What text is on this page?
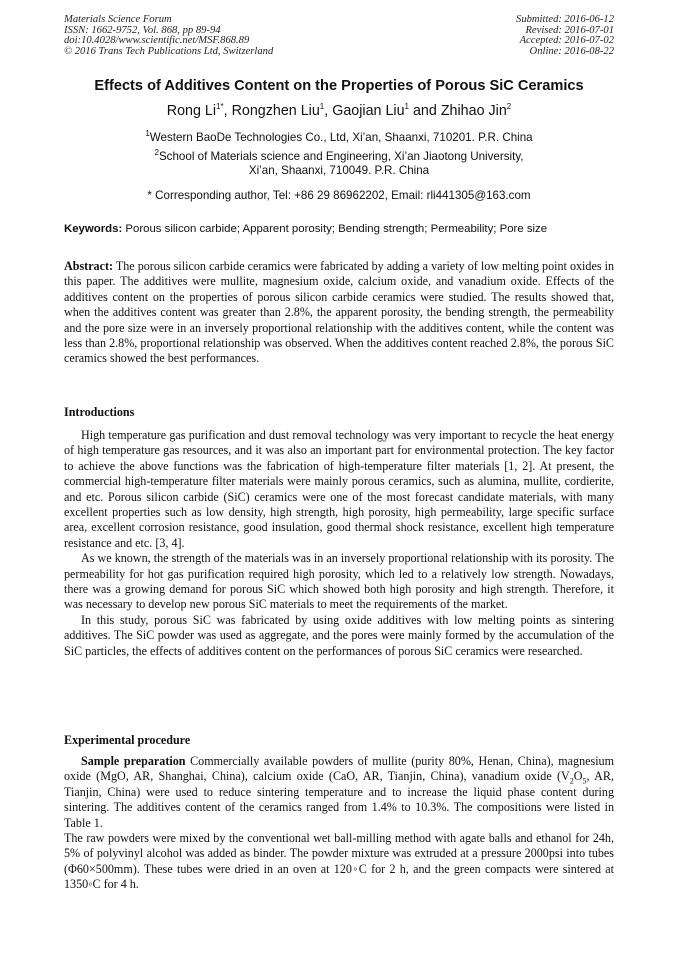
Materials Science Forum
ISSN: 1662-9752, Vol. 868, pp 89-94
doi:10.4028/www.scientific.net/MSF.868.89
© 2016 Trans Tech Publications Ltd, Switzerland
Submitted: 2016-06-12
Revised: 2016-07-01
Accepted: 2016-07-02
Online: 2016-08-22
Effects of Additives Content on the Properties of Porous SiC Ceramics
Rong $Li^{1*}$, Rongzhen Liu$^1$, Gaojian Liu$^1$ and Zhihao Jin$^2$
$^1$Western BaoDe Technologies Co., Ltd, Xi’an, Shaanxi, 710201. P.R. China
$^2$School of Materials science and Engineering, Xi’an Jiaotong University,
Xi’an, Shaanxi, 710049. P.R. China
* Corresponding author, Tel: +86 29 86962202, Email: rli441305@163.com
Keywords: Porous silicon carbide; Apparent porosity; Bending strength; Permeability; Pore size

Abstract: The porous silicon carbide ceramics were fabricated by adding a variety of low melting point oxides in this paper. The additives were mullite, magnesium oxide, calcium oxide, and vanadium oxide. Effects of the additives content on the properties of porous silicon carbide ceramics were studied. The results showed that, when the additives content was greater than 2.8%, the apparent porosity, the bending strength, the permeability and the pore size were in an inversely proportional relationship with the additives content, while the content was less than 2.8%, proportional relationship was observed. When the additives content reached 2.8%, the porous SiC ceramics showed the best performances.

Introductions

High temperature gas purification and dust removal technology was very important to recycle the heat energy of high temperature gas resources, and it was also an important part for environmental protection. The key factor to achieve the above functions was the fabrication of high-temperature filter materials [1, 2]. At present, the commercial high-temperature filter materials were mainly porous ceramics, such as alumina, mullite, cordierite, and etc. Porous silicon carbide (SiC) ceramics were one of the most forecast candidate materials, with many excellent properties such as low density, high strength, high porosity, high permeability, large specific surface area, excellent corrosion resistance, good insulation, good thermal shock resistance, excellent high temperature resistance and etc. [3, 4].

As we known, the strength of the materials was in an inversely proportional relationship with its porosity. The permeability for hot gas purification required high porosity, which led to a relatively low strength. Nowadays, there was a growing demand for porous SiC which showed both high porosity and high strength. Therefore, it was necessary to develop new porous SiC materials to meet the requirements of the market.

In this study, porous SiC was fabricated by using oxide additives with low melting points as sintering additives. The SiC powder was used as aggregate, and the pores were mainly formed by the accumulation of the SiC particles, the effects of additives content on the performances of porous SiC ceramics were researched.

Experimental procedure

Sample preparation Commercially available powders of mullite (purity 80%, Henan, China), magnesium oxide (MgO, AR, Shanghai, China), calcium oxide (CaO, AR, Tianjin, China), vanadium oxide ($V_2O_5$, AR, Tianjin, China) were used to reduce sintering temperature and to increase the liquid phase content during sintering. The additives content of the ceramics ranged from 1.4% to 10.3%. The compositions were listed in Table 1.

The raw powders were mixed by the conventional wet ball-milling method with agate balls and ethanol for 24h, 5% of polyvinyl alcohol was added as binder. The powder mixture was extruded at a pressure 2000psi into tubes (Φ60×500mm). These tubes were dried in an oven at 120◦C for 2 h, and the green compacts were sintered at 1350◦C for 4 h.
